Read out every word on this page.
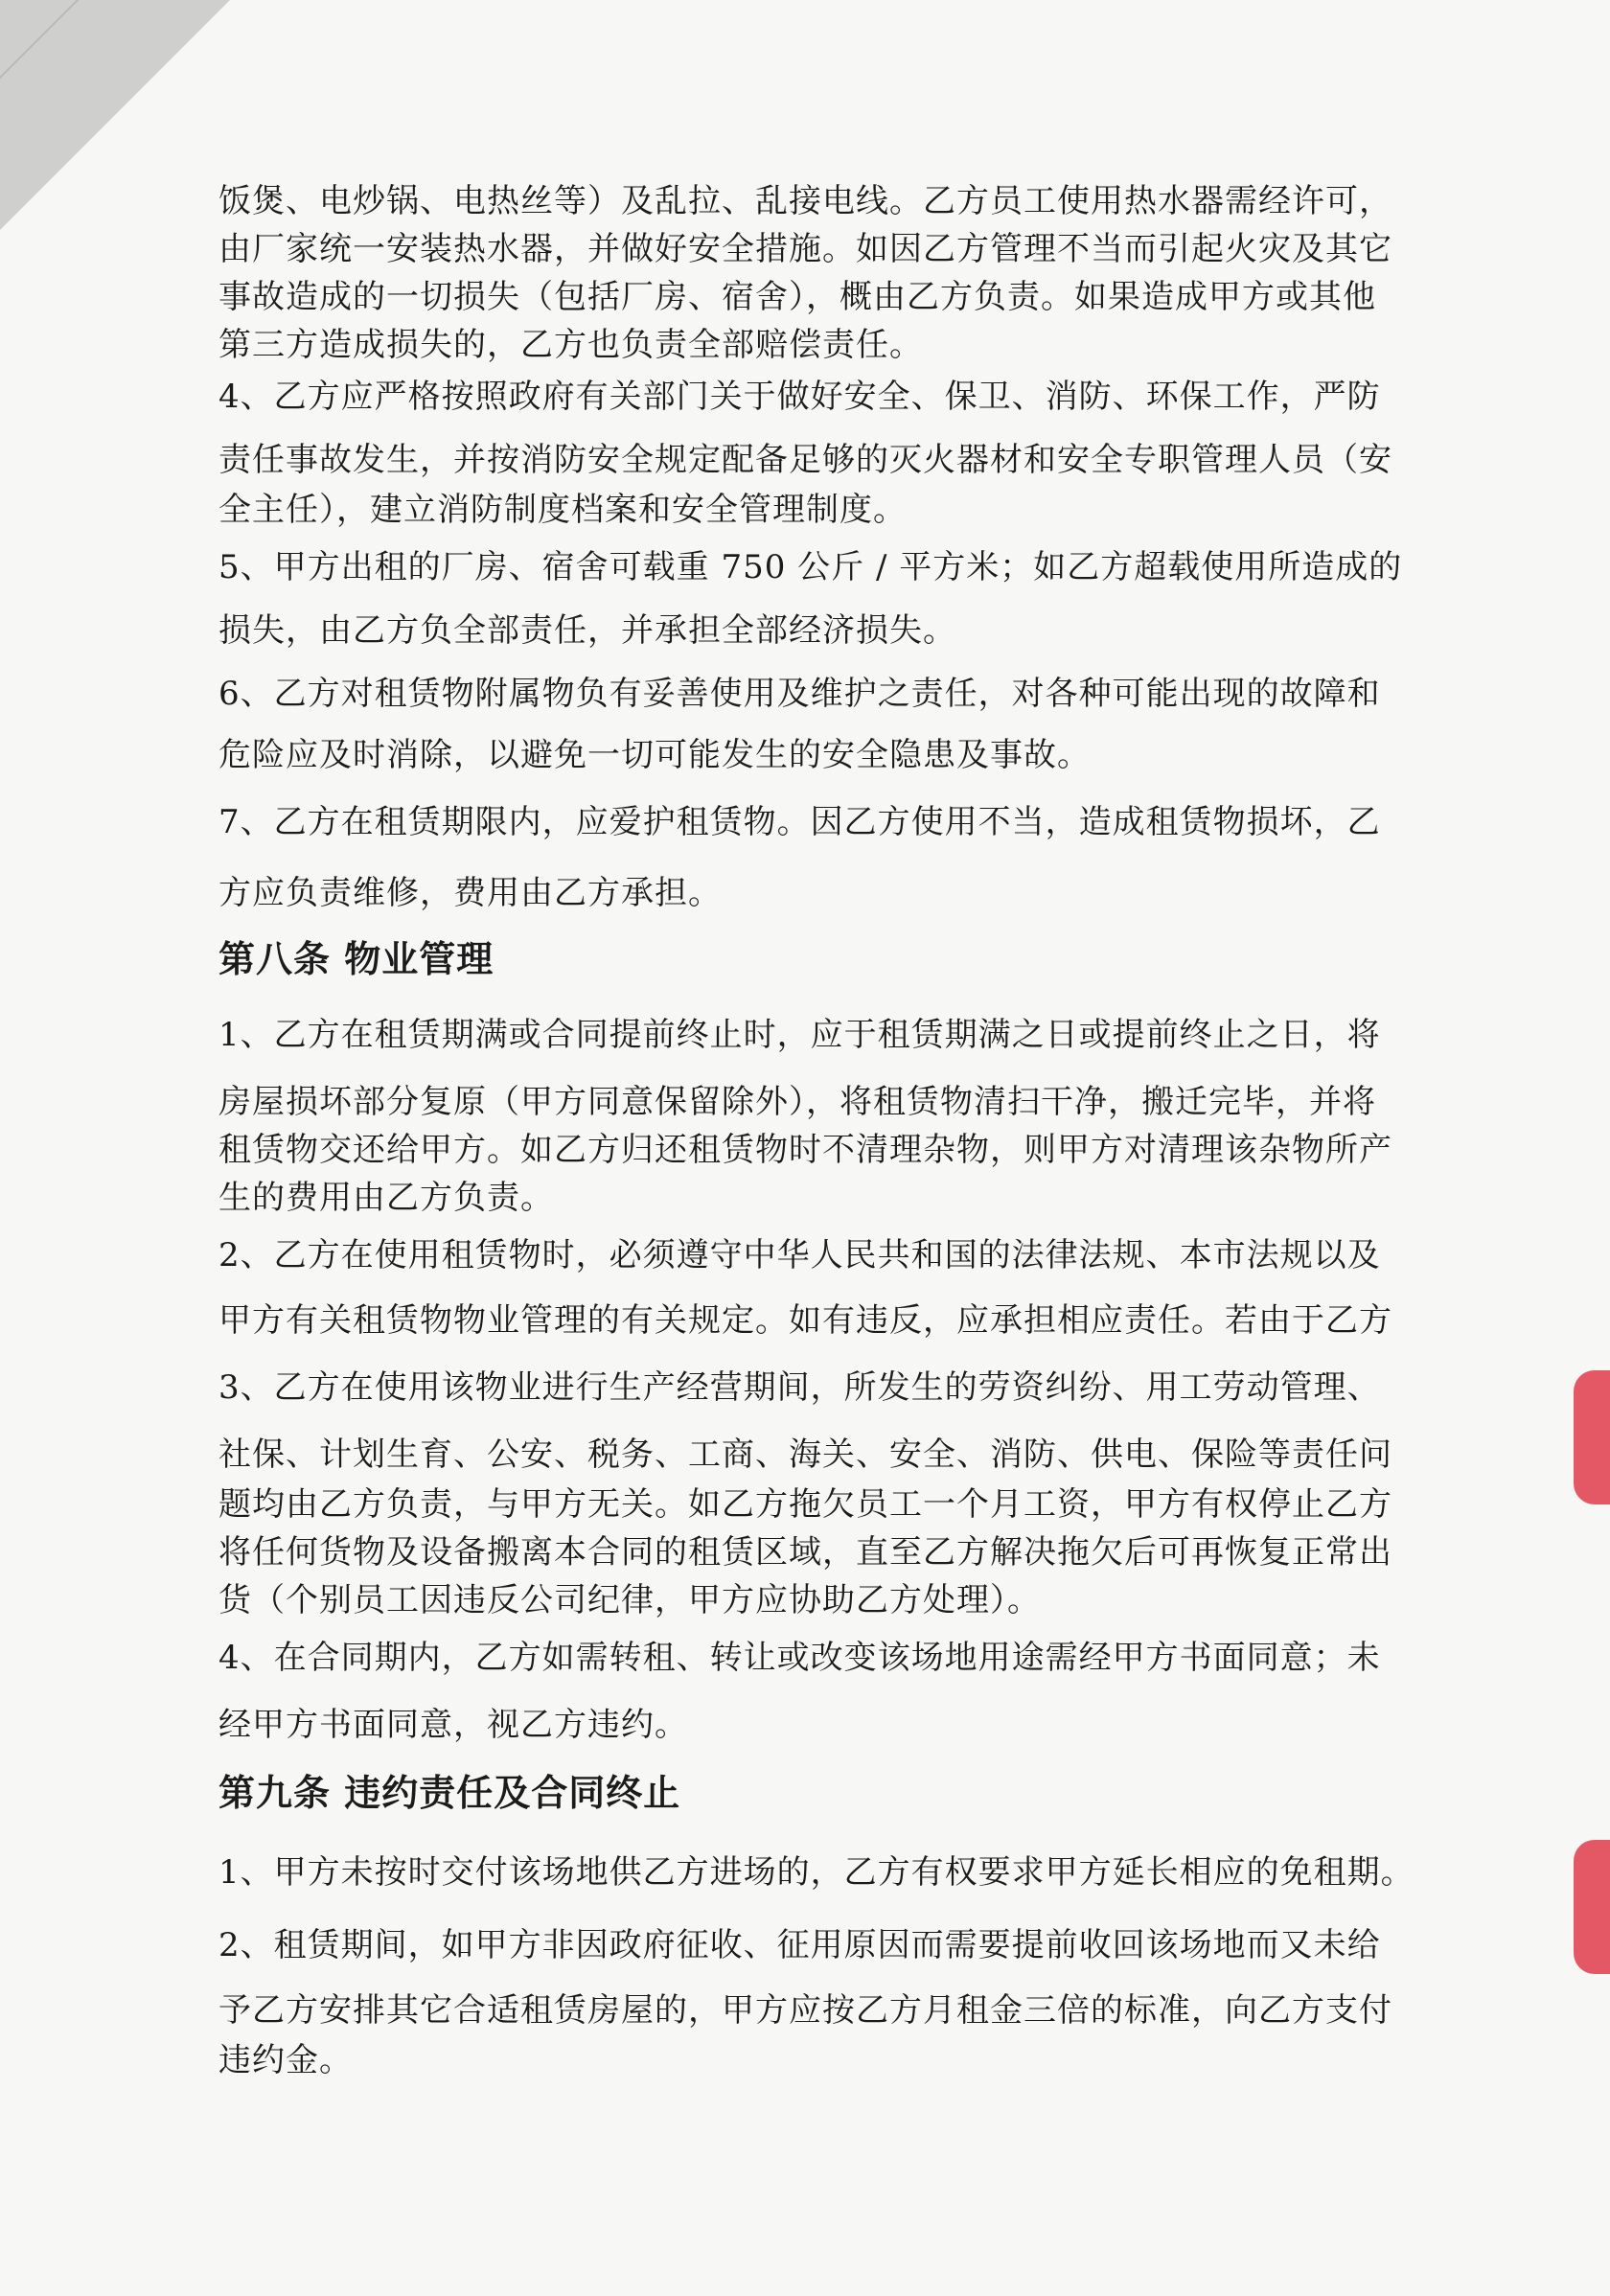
饭煲、电炒锅、电热丝等）及乱拉、乱接电线。乙方员工使用热水器需经许可，
由厂家统一安装热水器，并做好安全措施。如因乙方管理不当而引起火灾及其它
事故造成的一切损失（包括厂房、宿舍），概由乙方负责。如果造成甲方或其他
第三方造成损失的，乙方也负责全部赔偿责任。
4、乙方应严格按照政府有关部门关于做好安全、保卫、消防、环保工作，严防
责任事故发生，并按消防安全规定配备足够的灭火器材和安全专职管理人员（安
全主任），建立消防制度档案和安全管理制度。
5、甲方出租的厂房、宿舍可载重 750 公斤 / 平方米；如乙方超载使用所造成的
损失，由乙方负全部责任，并承担全部经济损失。
6、乙方对租赁物附属物负有妥善使用及维护之责任，对各种可能出现的故障和
危险应及时消除，以避免一切可能发生的安全隐患及事故。
7、乙方在租赁期限内，应爱护租赁物。因乙方使用不当，造成租赁物损坏，乙
方应负责维修，费用由乙方承担。
第八条 物业管理
1、乙方在租赁期满或合同提前终止时，应于租赁期满之日或提前终止之日，将
房屋损坏部分复原（甲方同意保留除外），将租赁物清扫干净，搬迁完毕，并将
租赁物交还给甲方。如乙方归还租赁物时不清理杂物，则甲方对清理该杂物所产
生的费用由乙方负责。
2、乙方在使用租赁物时，必须遵守中华人民共和国的法律法规、本市法规以及
甲方有关租赁物物业管理的有关规定。如有违反，应承担相应责任。若由于乙方
3、乙方在使用该物业进行生产经营期间，所发生的劳资纠纷、用工劳动管理、
社保、计划生育、公安、税务、工商、海关、安全、消防、供电、保险等责任问
题均由乙方负责，与甲方无关。如乙方拖欠员工一个月工资，甲方有权停止乙方
将任何货物及设备搬离本合同的租赁区域，直至乙方解决拖欠后可再恢复正常出
货（个别员工因违反公司纪律，甲方应协助乙方处理）。
4、在合同期内，乙方如需转租、转让或改变该场地用途需经甲方书面同意；未
经甲方书面同意，视乙方违约。
第九条 违约责任及合同终止
1、甲方未按时交付该场地供乙方进场的，乙方有权要求甲方延长相应的免租期。
2、租赁期间，如甲方非因政府征收、征用原因而需要提前收回该场地而又未给
予乙方安排其它合适租赁房屋的，甲方应按乙方月租金三倍的标准，向乙方支付
违约金。
